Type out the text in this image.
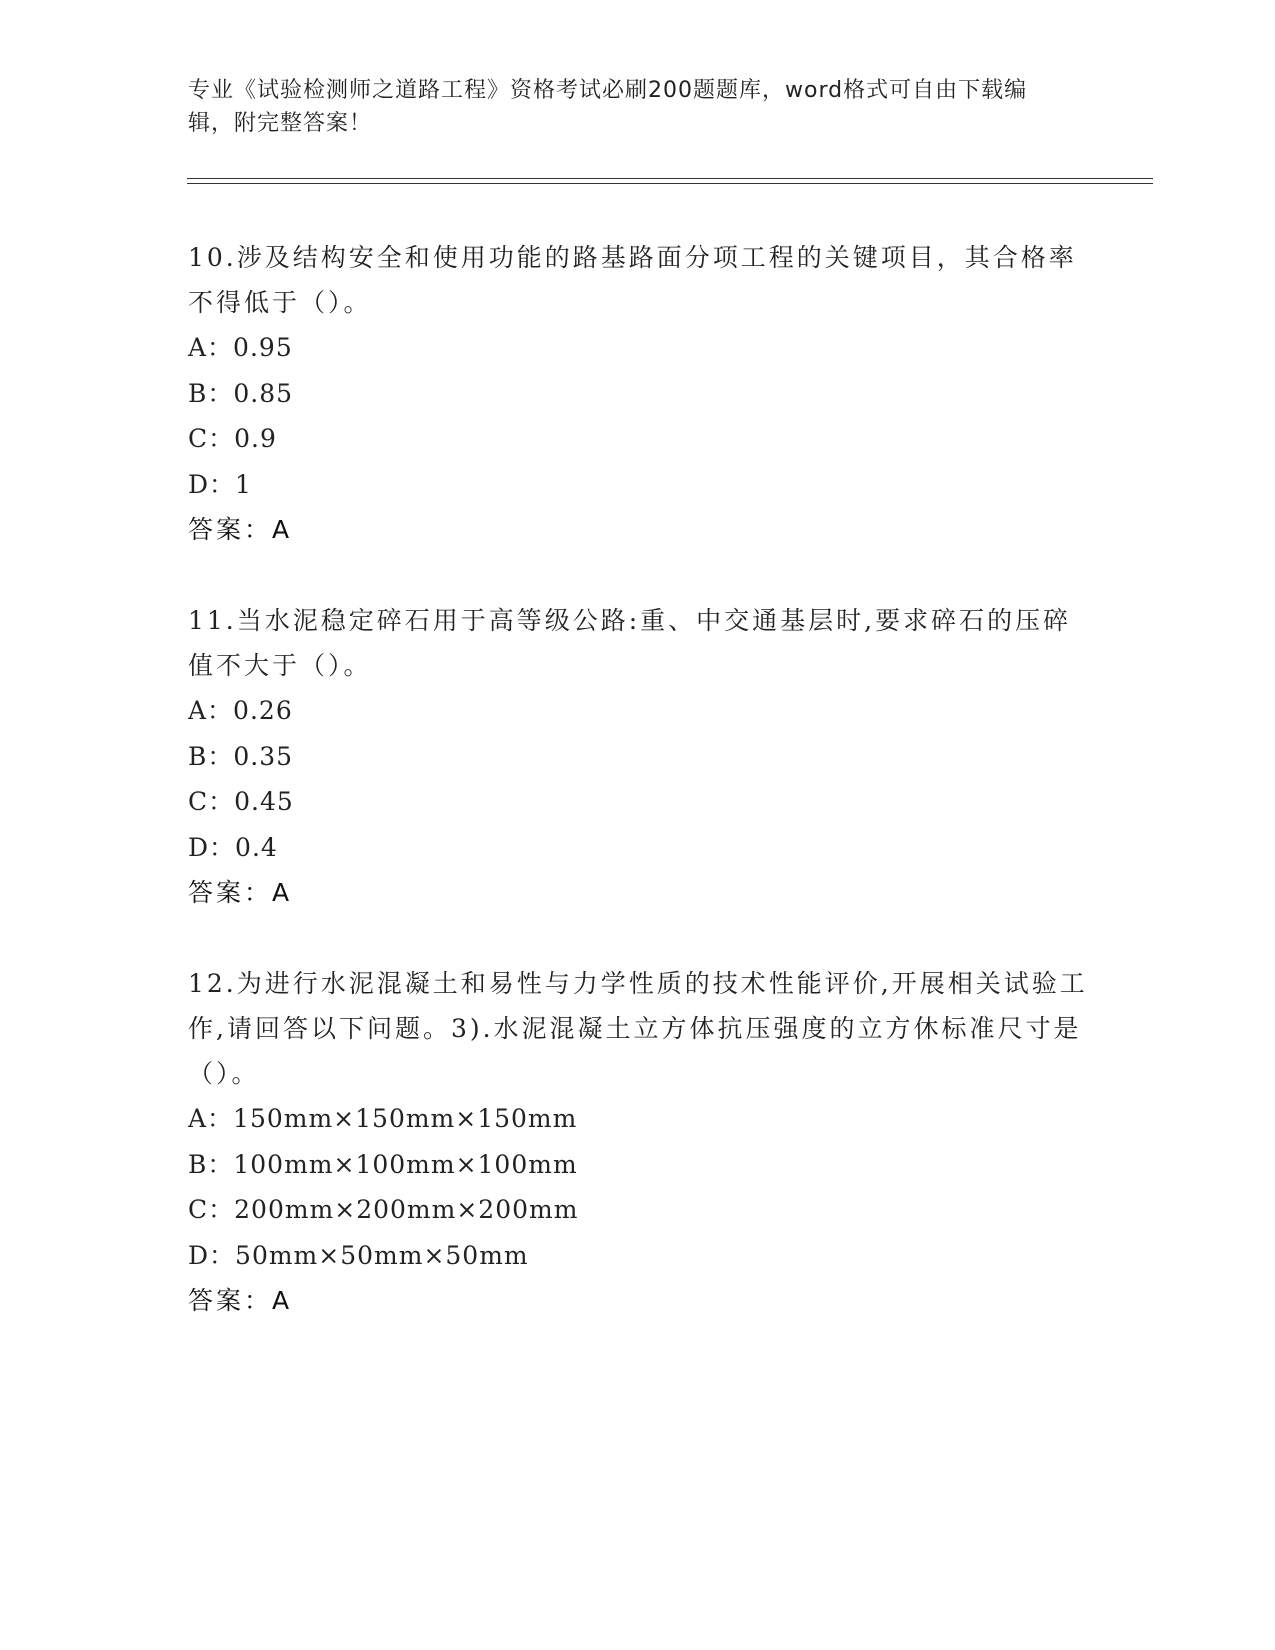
专业《试验检测师之道路工程》资格考试必刷200题题库，word格式可自由下载编辑，附完整答案！

10.涉及结构安全和使用功能的路基路面分项工程的关键项目，其合格率不得低于（）。

A：0.95

B：0.85

C：0.9

D：1

答案：A

11.当水泥稳定碎石用于高等级公路:重、中交通基层时,要求碎石的压碎值不大于（）。

A：0.26

B：0.35

C：0.45

D：0.4

答案：A

12.为进行水泥混凝土和易性与力学性质的技术性能评价,开展相关试验工作,请回答以下问题。3).水泥混凝土立方体抗压强度的立方休标准尺寸是（）。

A：150mm×150mm×150mm

B：100mm×100mm×100mm

C：200mm×200mm×200mm

D：50mm×50mm×50mm

答案：A
